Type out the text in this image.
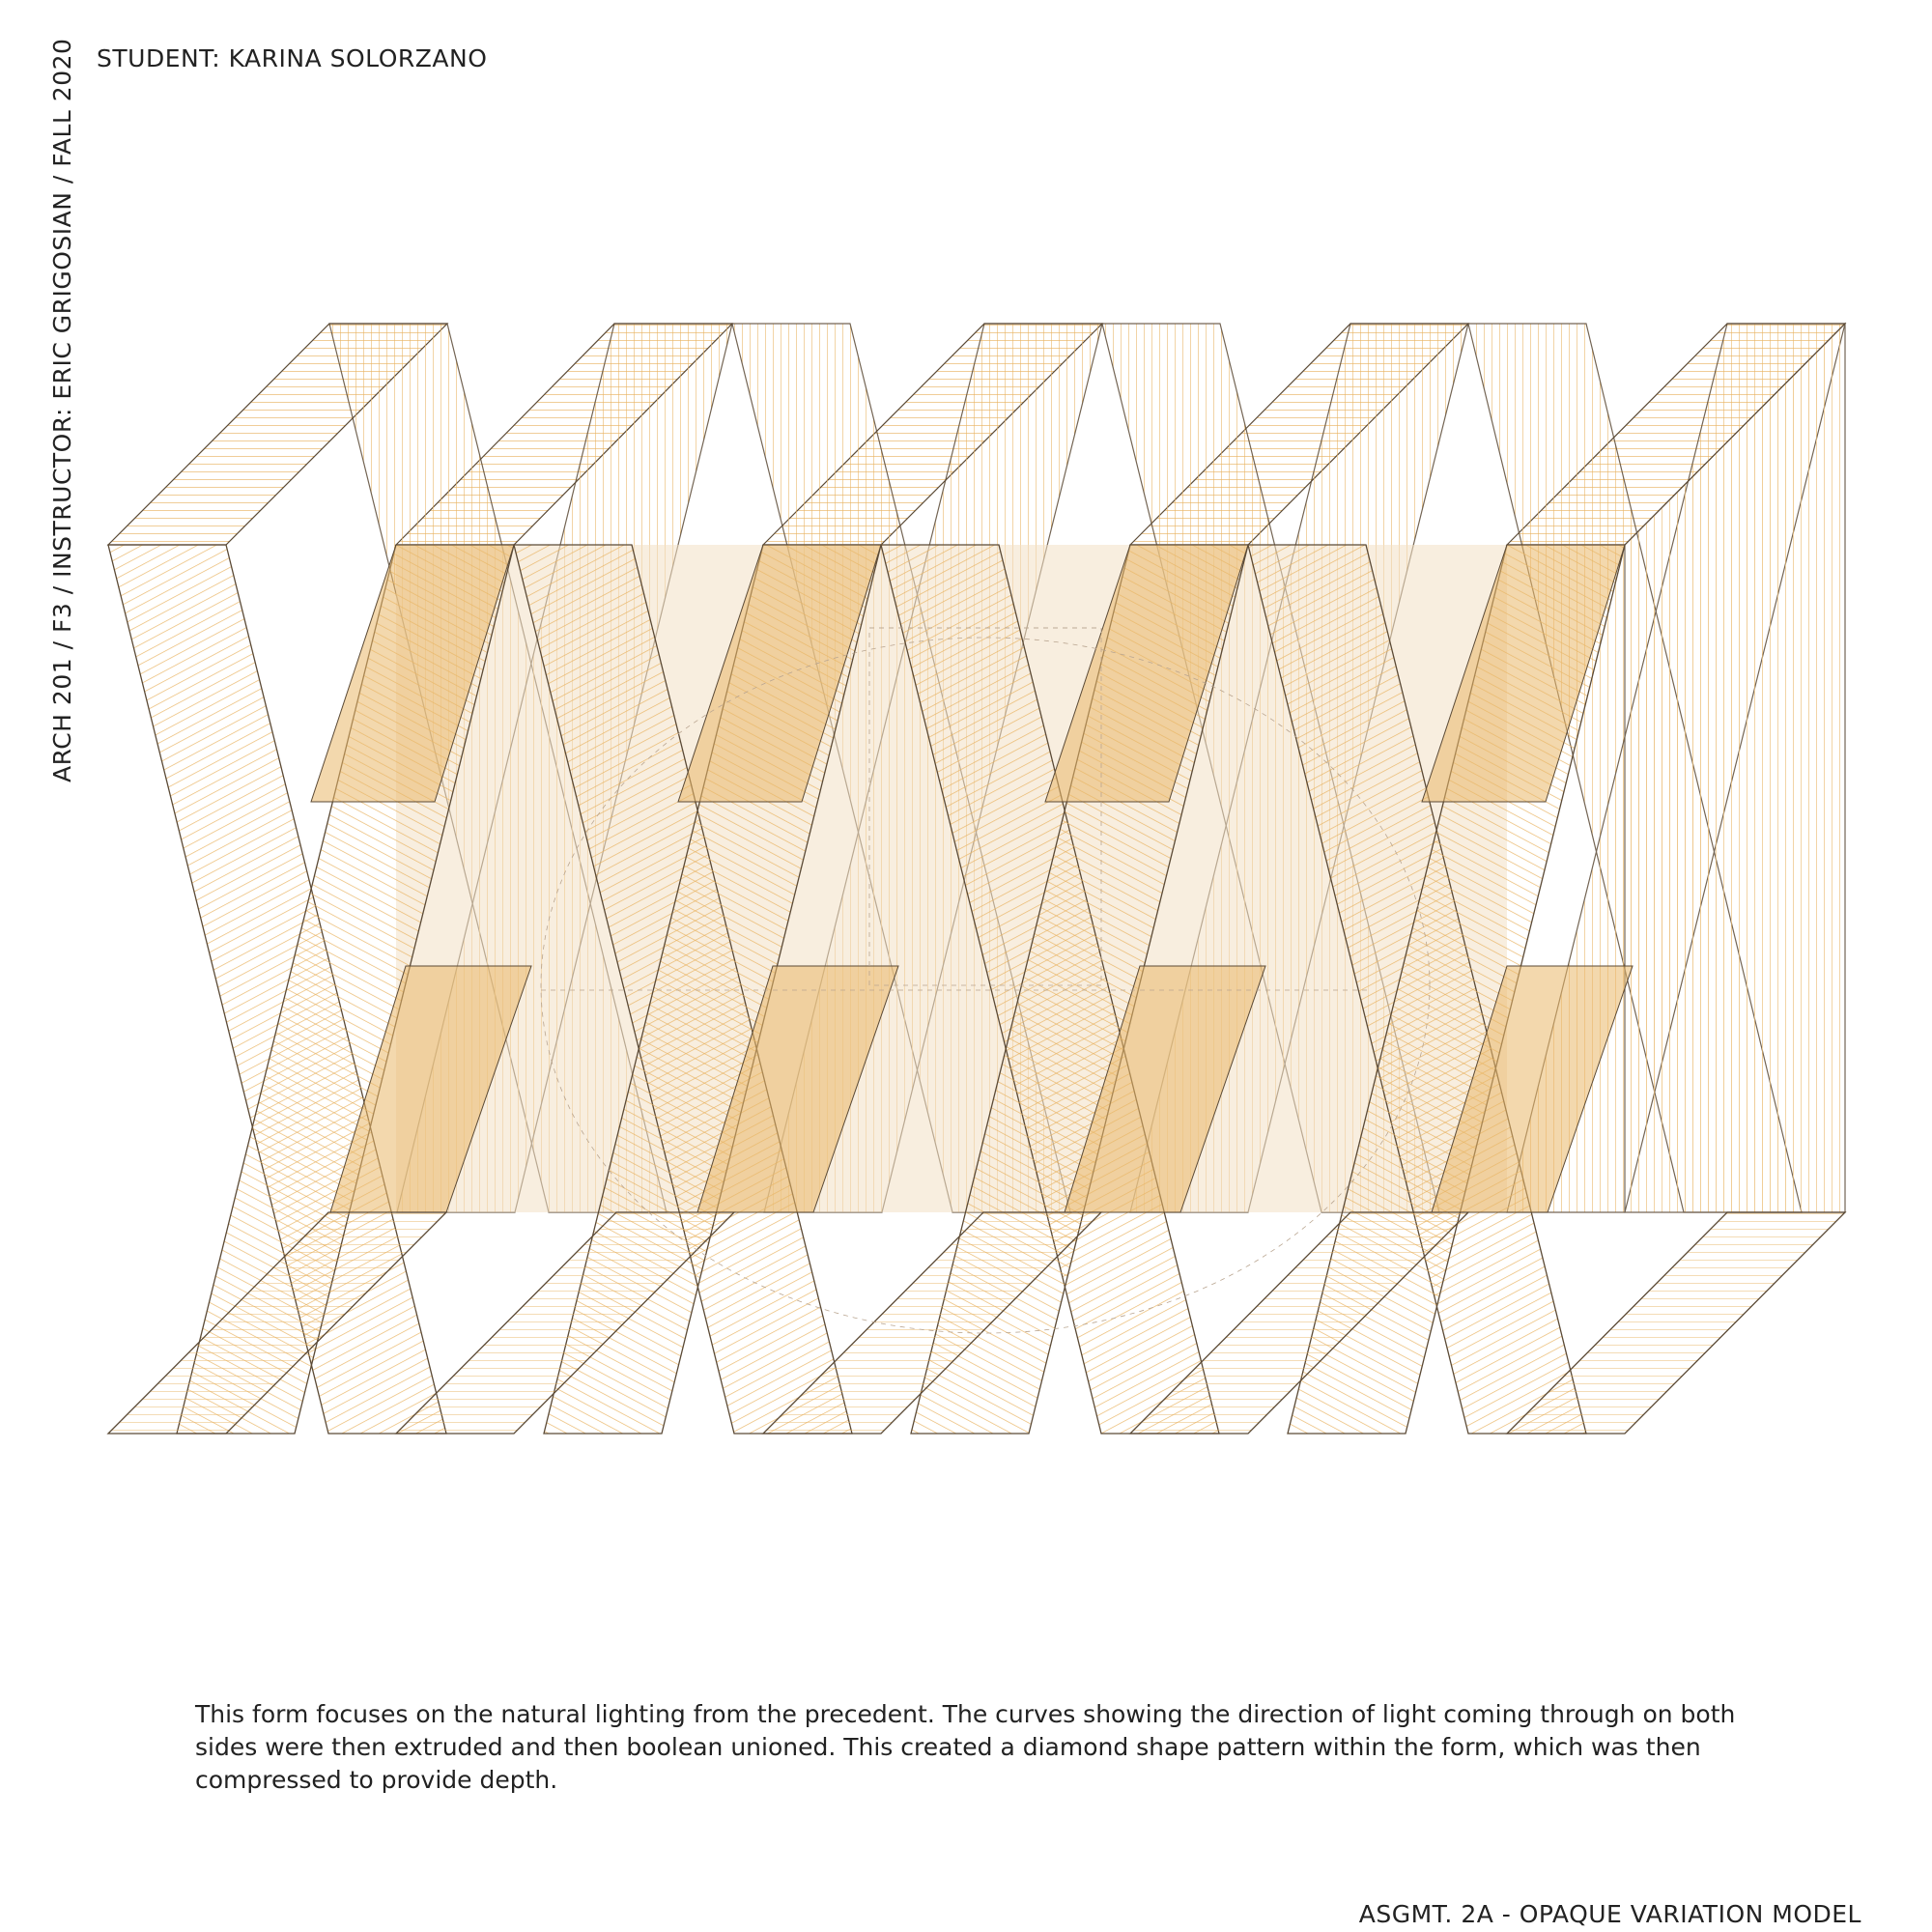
STUDENT: KARINA SOLORZANO
ARCH 201 / F3 / INSTRUCTOR: ERIC GRIGOSIAN / FALL 2020
This form focuses on the natural lighting from the precedent. The curves showing the direction of light coming through on both sides were then extruded and then boolean unioned. This created a diamond shape pattern within the form, which was then compressed to provide depth.
ASGMT. 2A - OPAQUE VARIATION MODEL
